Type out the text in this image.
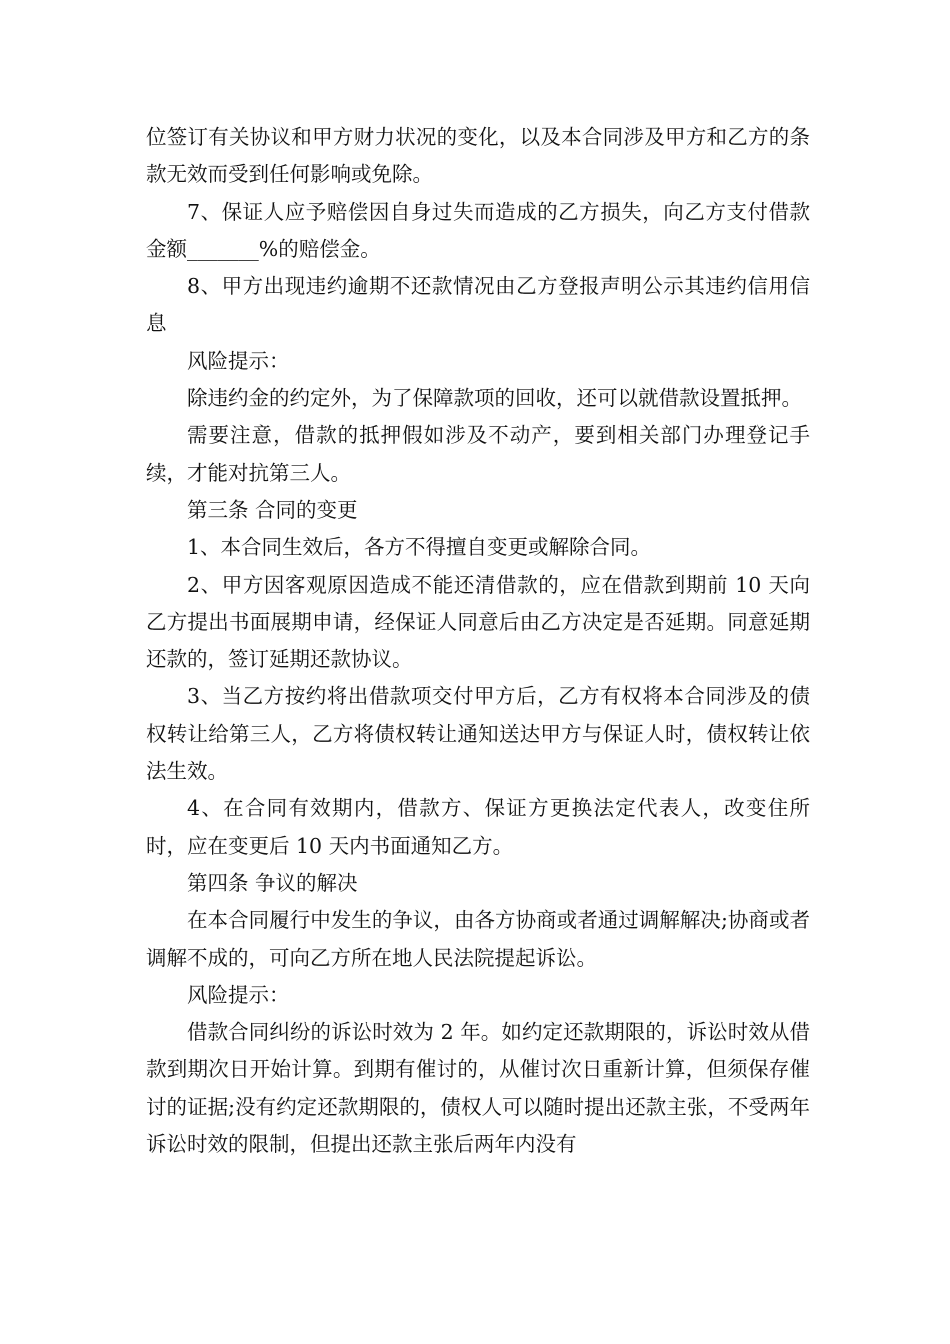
位签订有关协议和甲方财力状况的变化，以及本合同涉及甲方和乙方的条款无效而受到任何影响或免除。

7、保证人应予赔偿因自身过失而造成的乙方损失，向乙方支付借款金额_______%的赔偿金。

8、甲方出现违约逾期不还款情况由乙方登报声明公示其违约信用信息

风险提示：

除违约金的约定外，为了保障款项的回收，还可以就借款设置抵押。

需要注意，借款的抵押假如涉及不动产，要到相关部门办理登记手续，才能对抗第三人。

第三条 合同的变更

1、本合同生效后，各方不得擅自变更或解除合同。

2、甲方因客观原因造成不能还清借款的，应在借款到期前 10 天向乙方提出书面展期申请，经保证人同意后由乙方决定是否延期。同意延期还款的，签订延期还款协议。

3、当乙方按约将出借款项交付甲方后，乙方有权将本合同涉及的债权转让给第三人，乙方将债权转让通知送达甲方与保证人时，债权转让依法生效。

4、在合同有效期内，借款方、保证方更换法定代表人，改变住所时，应在变更后 10 天内书面通知乙方。

第四条 争议的解决

在本合同履行中发生的争议，由各方协商或者通过调解解决;协商或者调解不成的，可向乙方所在地人民法院提起诉讼。

风险提示：

借款合同纠纷的诉讼时效为 2 年。如约定还款期限的，诉讼时效从借款到期次日开始计算。到期有催讨的，从催讨次日重新计算，但须保存催讨的证据;没有约定还款期限的，债权人可以随时提出还款主张，不受两年诉讼时效的限制，但提出还款主张后两年内没有
